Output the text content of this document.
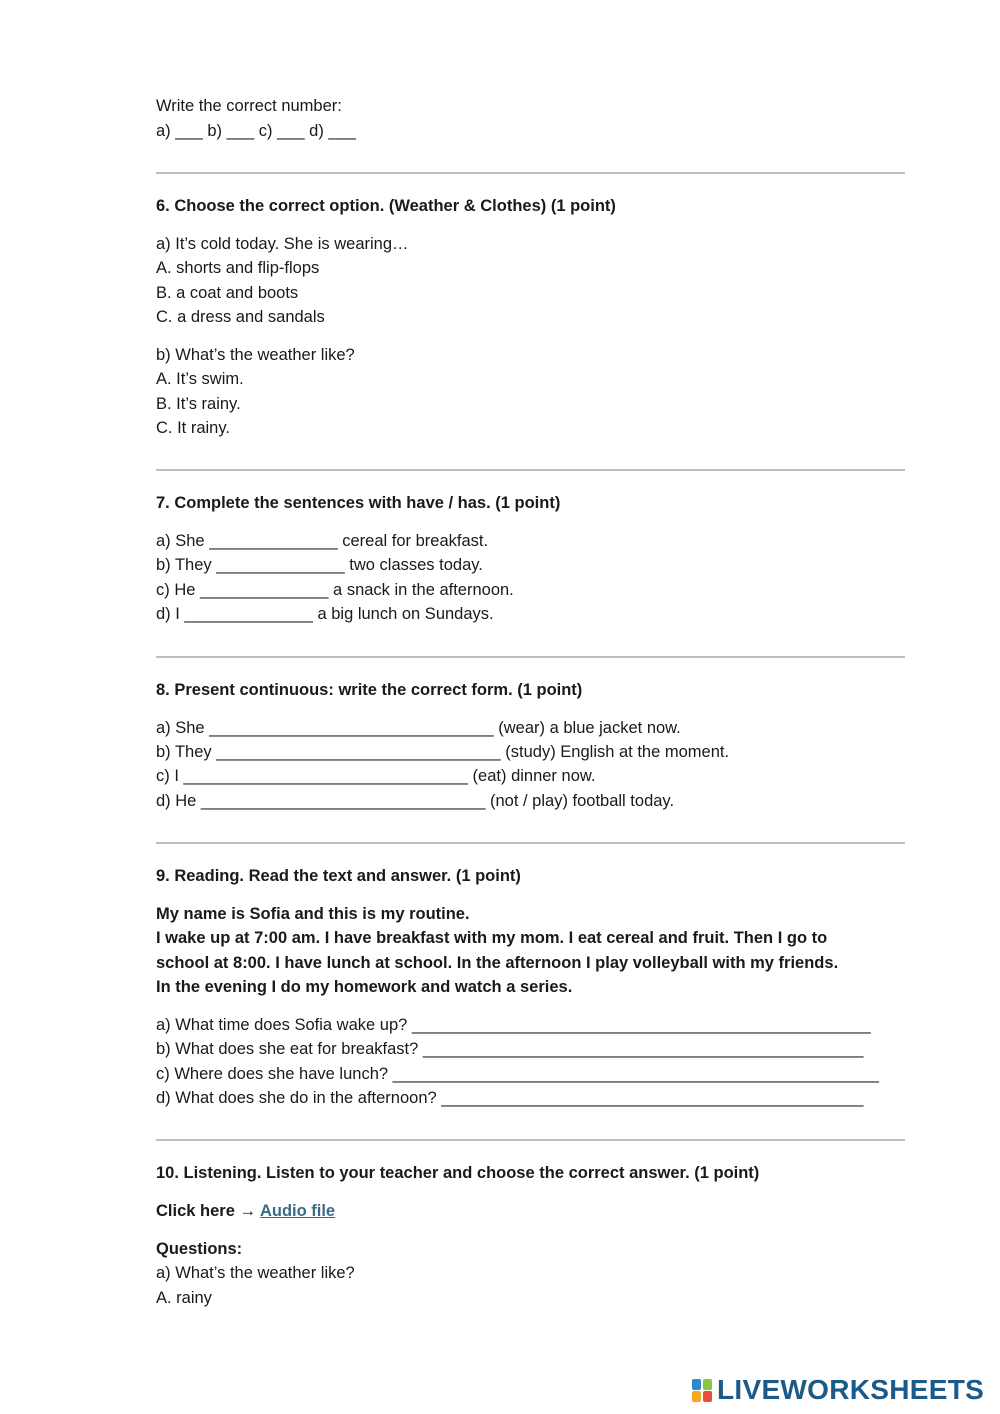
Write the correct number:
a) ___ b) ___ c) ___ d) ___
6. Choose the correct option. (Weather & Clothes) (1 point)
a) It’s cold today. She is wearing…
A. shorts and flip-flops
B. a coat and boots
C. a dress and sandals
b) What’s the weather like?
A. It’s swim.
B. It’s rainy.
C. It rainy.
7. Complete the sentences with have / has. (1 point)
a) She ______________ cereal for breakfast.
b) They ______________ two classes today.
c) He ______________ a snack in the afternoon.
d) I ______________ a big lunch on Sundays.
8. Present continuous: write the correct form. (1 point)
a) She _______________________________ (wear) a blue jacket now.
b) They _______________________________ (study) English at the moment.
c) I _______________________________ (eat) dinner now.
d) He _______________________________ (not / play) football today.
9. Reading. Read the text and answer. (1 point)
My name is Sofia and this is my routine.
I wake up at 7:00 am. I have breakfast with my mom. I eat cereal and fruit. Then I go to
school at 8:00. I have lunch at school. In the afternoon I play volleyball with my friends.
In the evening I do my homework and watch a series.
a) What time does Sofia wake up? __________________________________________________
b) What does she eat for breakfast? ________________________________________________
c) Where does she have lunch? _____________________________________________________
d) What does she do in the afternoon? ______________________________________________
10. Listening. Listen to your teacher and choose the correct answer. (1 point)
Click here → Audio file
Questions:
a) What’s the weather like?
A. rainy
LIVEWORKSHEETS
